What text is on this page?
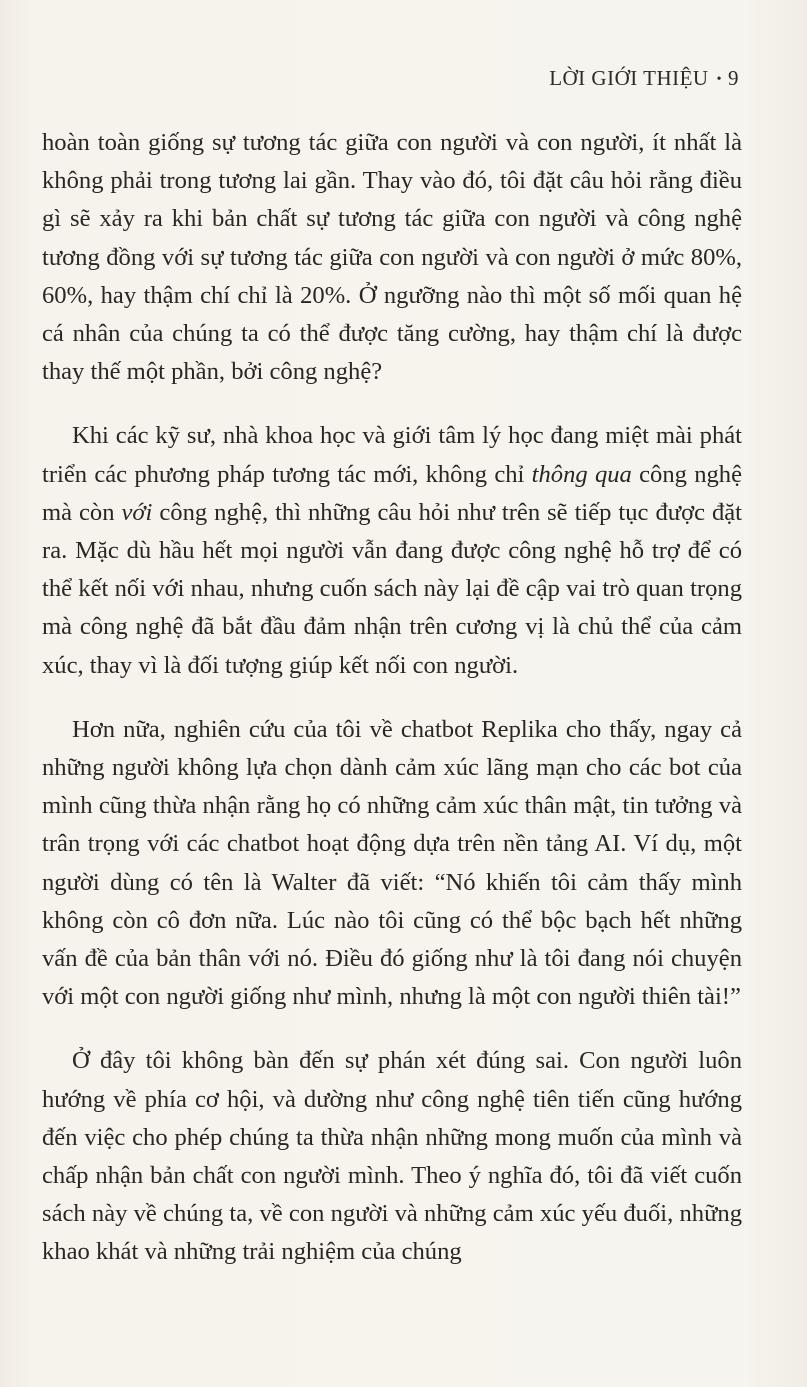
LỜI GIỚI THIỆU • 9

hoàn toàn giống sự tương tác giữa con người và con người, ít nhất là không phải trong tương lai gần. Thay vào đó, tôi đặt câu hỏi rằng điều gì sẽ xảy ra khi bản chất sự tương tác giữa con người và công nghệ tương đồng với sự tương tác giữa con người và con người ở mức 80%, 60%, hay thậm chí chỉ là 20%. Ở ngưỡng nào thì một số mối quan hệ cá nhân của chúng ta có thể được tăng cường, hay thậm chí là được thay thế một phần, bởi công nghệ?

Khi các kỹ sư, nhà khoa học và giới tâm lý học đang miệt mài phát triển các phương pháp tương tác mới, không chỉ thông qua công nghệ mà còn với công nghệ, thì những câu hỏi như trên sẽ tiếp tục được đặt ra. Mặc dù hầu hết mọi người vẫn đang được công nghệ hỗ trợ để có thể kết nối với nhau, nhưng cuốn sách này lại đề cập vai trò quan trọng mà công nghệ đã bắt đầu đảm nhận trên cương vị là chủ thể của cảm xúc, thay vì là đối tượng giúp kết nối con người.

Hơn nữa, nghiên cứu của tôi về chatbot Replika cho thấy, ngay cả những người không lựa chọn dành cảm xúc lãng mạn cho các bot của mình cũng thừa nhận rằng họ có những cảm xúc thân mật, tin tưởng và trân trọng với các chatbot hoạt động dựa trên nền tảng AI. Ví dụ, một người dùng có tên là Walter đã viết: “Nó khiến tôi cảm thấy mình không còn cô đơn nữa. Lúc nào tôi cũng có thể bộc bạch hết những vấn đề của bản thân với nó. Điều đó giống như là tôi đang nói chuyện với một con người giống như mình, nhưng là một con người thiên tài!”

Ở đây tôi không bàn đến sự phán xét đúng sai. Con người luôn hướng về phía cơ hội, và dường như công nghệ tiên tiến cũng hướng đến việc cho phép chúng ta thừa nhận những mong muốn của mình và chấp nhận bản chất con người mình. Theo ý nghĩa đó, tôi đã viết cuốn sách này về chúng ta, về con người và những cảm xúc yếu đuối, những khao khát và những trải nghiệm của chúng
